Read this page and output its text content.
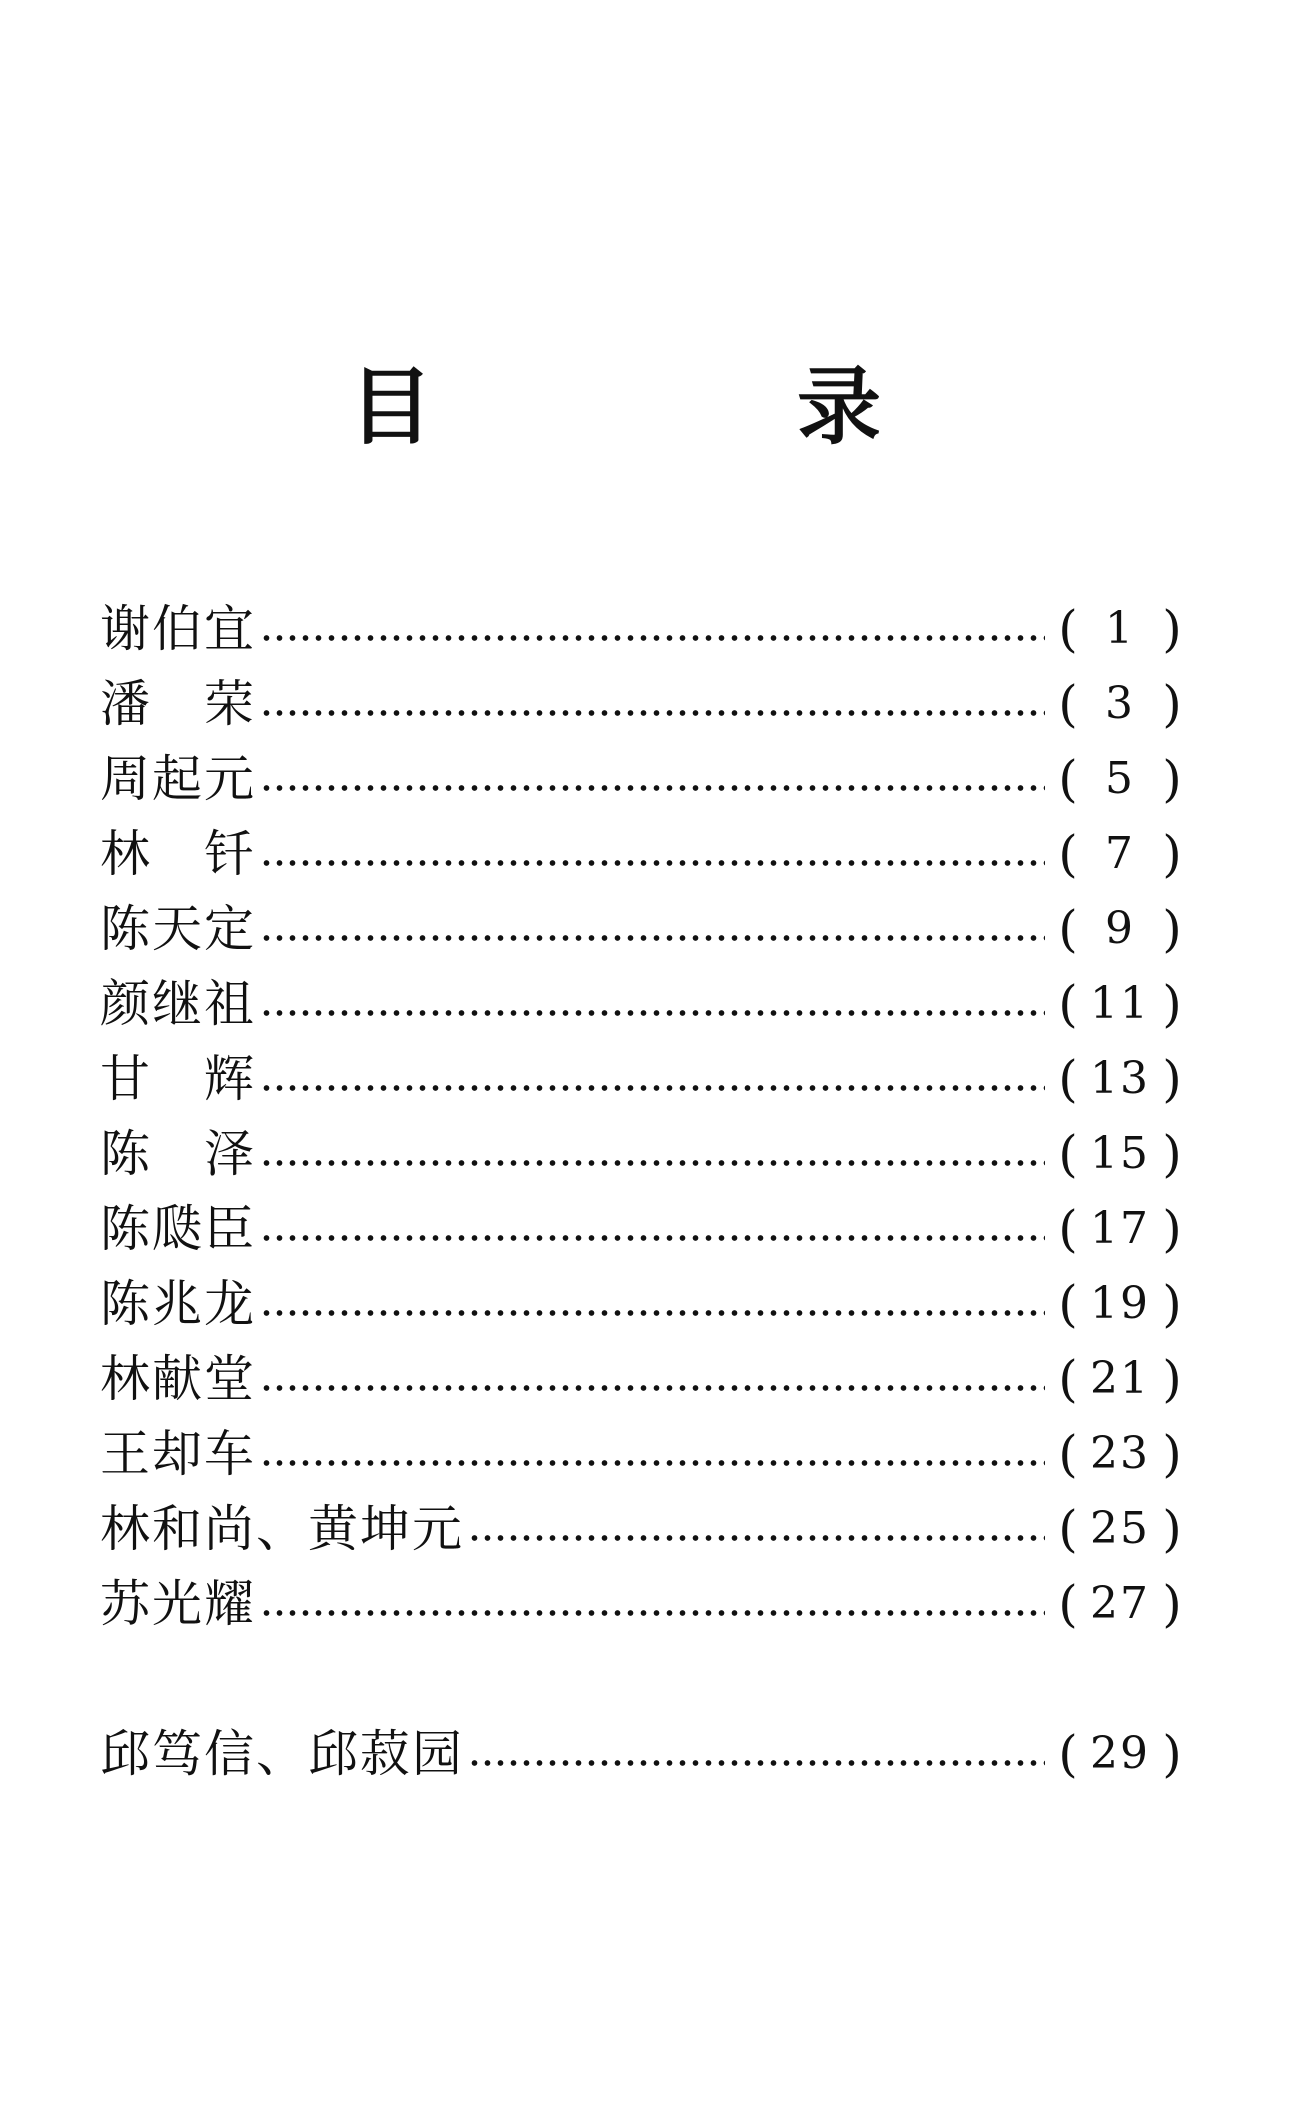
目　录
谢伯宜	( 1 )
潘　荣	( 3 )
周起元	( 5 )
林　钎	( 7 )
陈天定	( 9 )
颜继祖	( 11 )
甘　辉	( 13 )
陈　泽	( 15 )
陈瓞臣	( 17 )
陈兆龙	( 19 )
林献堂	( 21 )
王却车	( 23 )
林和尚、黄坤元	( 25 )
苏光耀	( 27 )
邱笃信、邱菽园	( 29 )
